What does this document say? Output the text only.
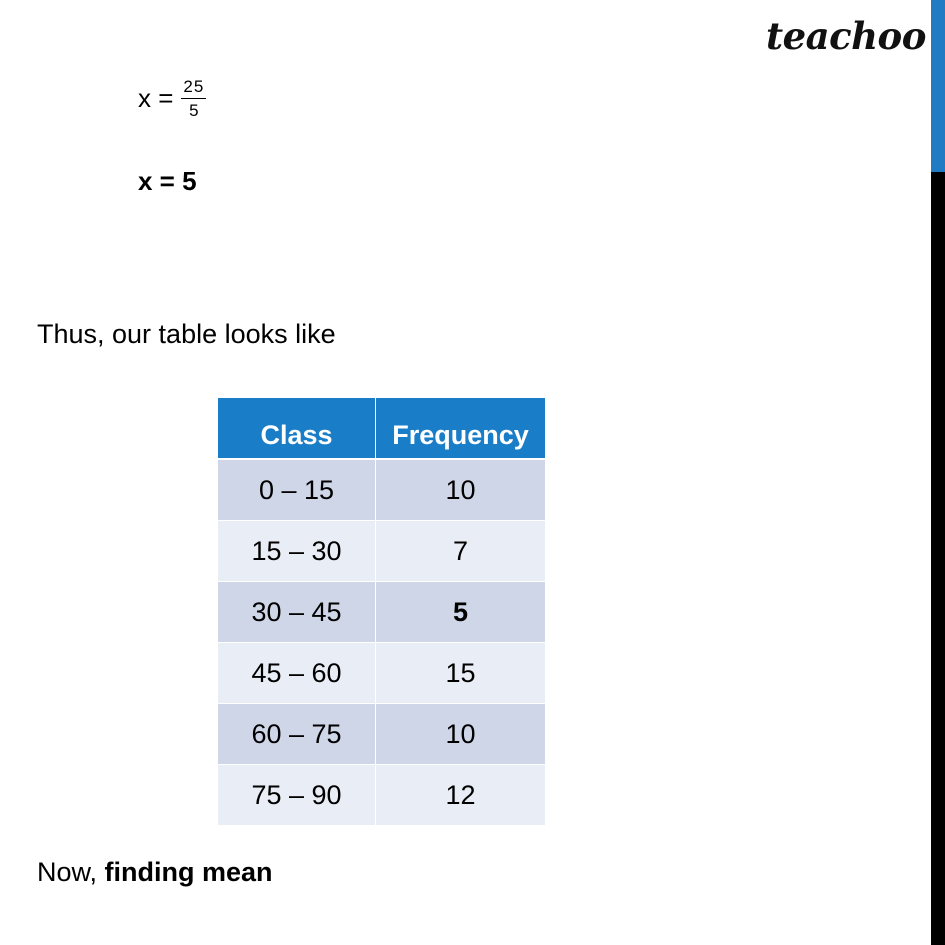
teachoo
$x = \frac{25}{5}$
x = 5
Thus, our table looks like
Class	Frequency
0 – 15	10
15 – 30	7
30 – 45	5
45 – 60	15
60 – 75	10
75 – 90	12
Now, finding mean
